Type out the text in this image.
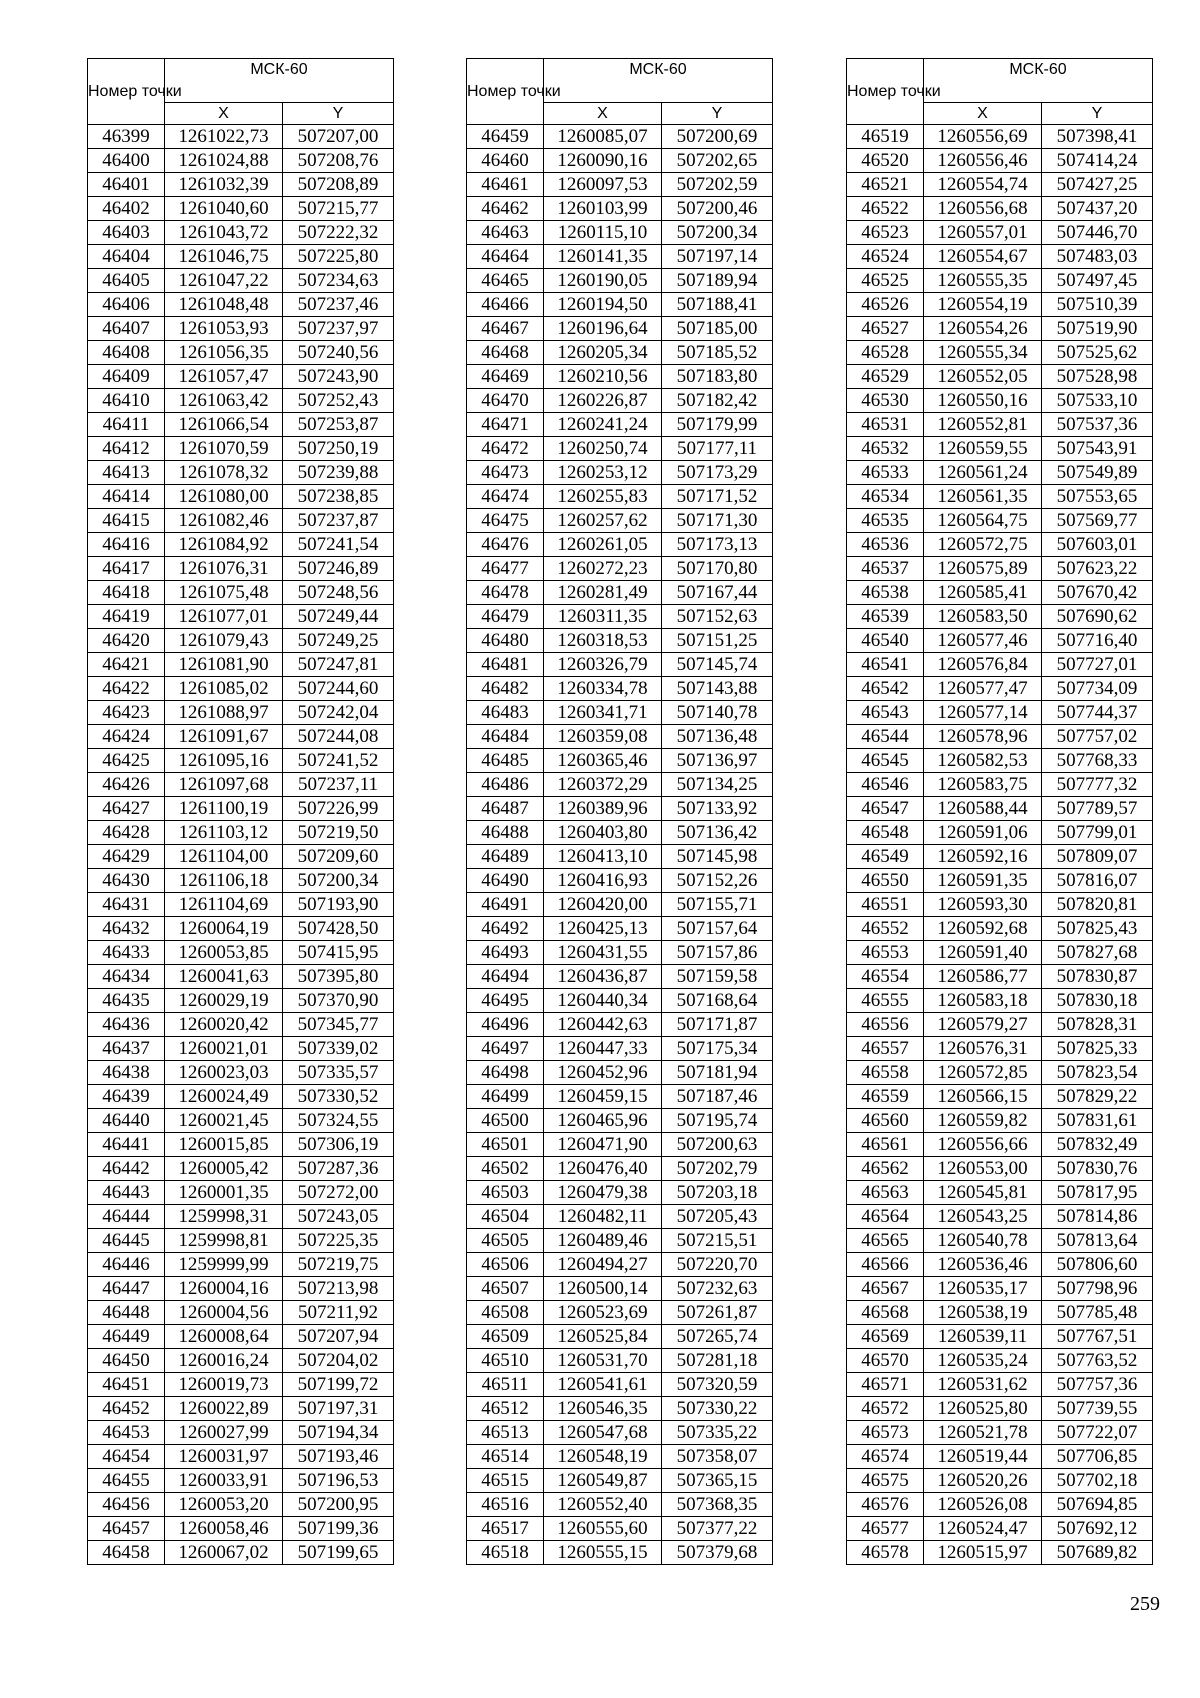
Номер точки	МСК-60	
	X	Y
46399	1261022,73	507207,00
46400	1261024,88	507208,76
46401	1261032,39	507208,89
46402	1261040,60	507215,77
46403	1261043,72	507222,32
46404	1261046,75	507225,80
46405	1261047,22	507234,63
46406	1261048,48	507237,46
46407	1261053,93	507237,97
46408	1261056,35	507240,56
46409	1261057,47	507243,90
46410	1261063,42	507252,43
46411	1261066,54	507253,87
46412	1261070,59	507250,19
46413	1261078,32	507239,88
46414	1261080,00	507238,85
46415	1261082,46	507237,87
46416	1261084,92	507241,54
46417	1261076,31	507246,89
46418	1261075,48	507248,56
46419	1261077,01	507249,44
46420	1261079,43	507249,25
46421	1261081,90	507247,81
46422	1261085,02	507244,60
46423	1261088,97	507242,04
46424	1261091,67	507244,08
46425	1261095,16	507241,52
46426	1261097,68	507237,11
46427	1261100,19	507226,99
46428	1261103,12	507219,50
46429	1261104,00	507209,60
46430	1261106,18	507200,34
46431	1261104,69	507193,90
46432	1260064,19	507428,50
46433	1260053,85	507415,95
46434	1260041,63	507395,80
46435	1260029,19	507370,90
46436	1260020,42	507345,77
46437	1260021,01	507339,02
46438	1260023,03	507335,57
46439	1260024,49	507330,52
46440	1260021,45	507324,55
46441	1260015,85	507306,19
46442	1260005,42	507287,36
46443	1260001,35	507272,00
46444	1259998,31	507243,05
46445	1259998,81	507225,35
46446	1259999,99	507219,75
46447	1260004,16	507213,98
46448	1260004,56	507211,92
46449	1260008,64	507207,94
46450	1260016,24	507204,02
46451	1260019,73	507199,72
46452	1260022,89	507197,31
46453	1260027,99	507194,34
46454	1260031,97	507193,46
46455	1260033,91	507196,53
46456	1260053,20	507200,95
46457	1260058,46	507199,36
46458	1260067,02	507199,65
Номер точки	МСК-60	
	X	Y
46459	1260085,07	507200,69
46460	1260090,16	507202,65
46461	1260097,53	507202,59
46462	1260103,99	507200,46
46463	1260115,10	507200,34
46464	1260141,35	507197,14
46465	1260190,05	507189,94
46466	1260194,50	507188,41
46467	1260196,64	507185,00
46468	1260205,34	507185,52
46469	1260210,56	507183,80
46470	1260226,87	507182,42
46471	1260241,24	507179,99
46472	1260250,74	507177,11
46473	1260253,12	507173,29
46474	1260255,83	507171,52
46475	1260257,62	507171,30
46476	1260261,05	507173,13
46477	1260272,23	507170,80
46478	1260281,49	507167,44
46479	1260311,35	507152,63
46480	1260318,53	507151,25
46481	1260326,79	507145,74
46482	1260334,78	507143,88
46483	1260341,71	507140,78
46484	1260359,08	507136,48
46485	1260365,46	507136,97
46486	1260372,29	507134,25
46487	1260389,96	507133,92
46488	1260403,80	507136,42
46489	1260413,10	507145,98
46490	1260416,93	507152,26
46491	1260420,00	507155,71
46492	1260425,13	507157,64
46493	1260431,55	507157,86
46494	1260436,87	507159,58
46495	1260440,34	507168,64
46496	1260442,63	507171,87
46497	1260447,33	507175,34
46498	1260452,96	507181,94
46499	1260459,15	507187,46
46500	1260465,96	507195,74
46501	1260471,90	507200,63
46502	1260476,40	507202,79
46503	1260479,38	507203,18
46504	1260482,11	507205,43
46505	1260489,46	507215,51
46506	1260494,27	507220,70
46507	1260500,14	507232,63
46508	1260523,69	507261,87
46509	1260525,84	507265,74
46510	1260531,70	507281,18
46511	1260541,61	507320,59
46512	1260546,35	507330,22
46513	1260547,68	507335,22
46514	1260548,19	507358,07
46515	1260549,87	507365,15
46516	1260552,40	507368,35
46517	1260555,60	507377,22
46518	1260555,15	507379,68
Номер точки	МСК-60	
	X	Y
46519	1260556,69	507398,41
46520	1260556,46	507414,24
46521	1260554,74	507427,25
46522	1260556,68	507437,20
46523	1260557,01	507446,70
46524	1260554,67	507483,03
46525	1260555,35	507497,45
46526	1260554,19	507510,39
46527	1260554,26	507519,90
46528	1260555,34	507525,62
46529	1260552,05	507528,98
46530	1260550,16	507533,10
46531	1260552,81	507537,36
46532	1260559,55	507543,91
46533	1260561,24	507549,89
46534	1260561,35	507553,65
46535	1260564,75	507569,77
46536	1260572,75	507603,01
46537	1260575,89	507623,22
46538	1260585,41	507670,42
46539	1260583,50	507690,62
46540	1260577,46	507716,40
46541	1260576,84	507727,01
46542	1260577,47	507734,09
46543	1260577,14	507744,37
46544	1260578,96	507757,02
46545	1260582,53	507768,33
46546	1260583,75	507777,32
46547	1260588,44	507789,57
46548	1260591,06	507799,01
46549	1260592,16	507809,07
46550	1260591,35	507816,07
46551	1260593,30	507820,81
46552	1260592,68	507825,43
46553	1260591,40	507827,68
46554	1260586,77	507830,87
46555	1260583,18	507830,18
46556	1260579,27	507828,31
46557	1260576,31	507825,33
46558	1260572,85	507823,54
46559	1260566,15	507829,22
46560	1260559,82	507831,61
46561	1260556,66	507832,49
46562	1260553,00	507830,76
46563	1260545,81	507817,95
46564	1260543,25	507814,86
46565	1260540,78	507813,64
46566	1260536,46	507806,60
46567	1260535,17	507798,96
46568	1260538,19	507785,48
46569	1260539,11	507767,51
46570	1260535,24	507763,52
46571	1260531,62	507757,36
46572	1260525,80	507739,55
46573	1260521,78	507722,07
46574	1260519,44	507706,85
46575	1260520,26	507702,18
46576	1260526,08	507694,85
46577	1260524,47	507692,12
46578	1260515,97	507689,82
259
